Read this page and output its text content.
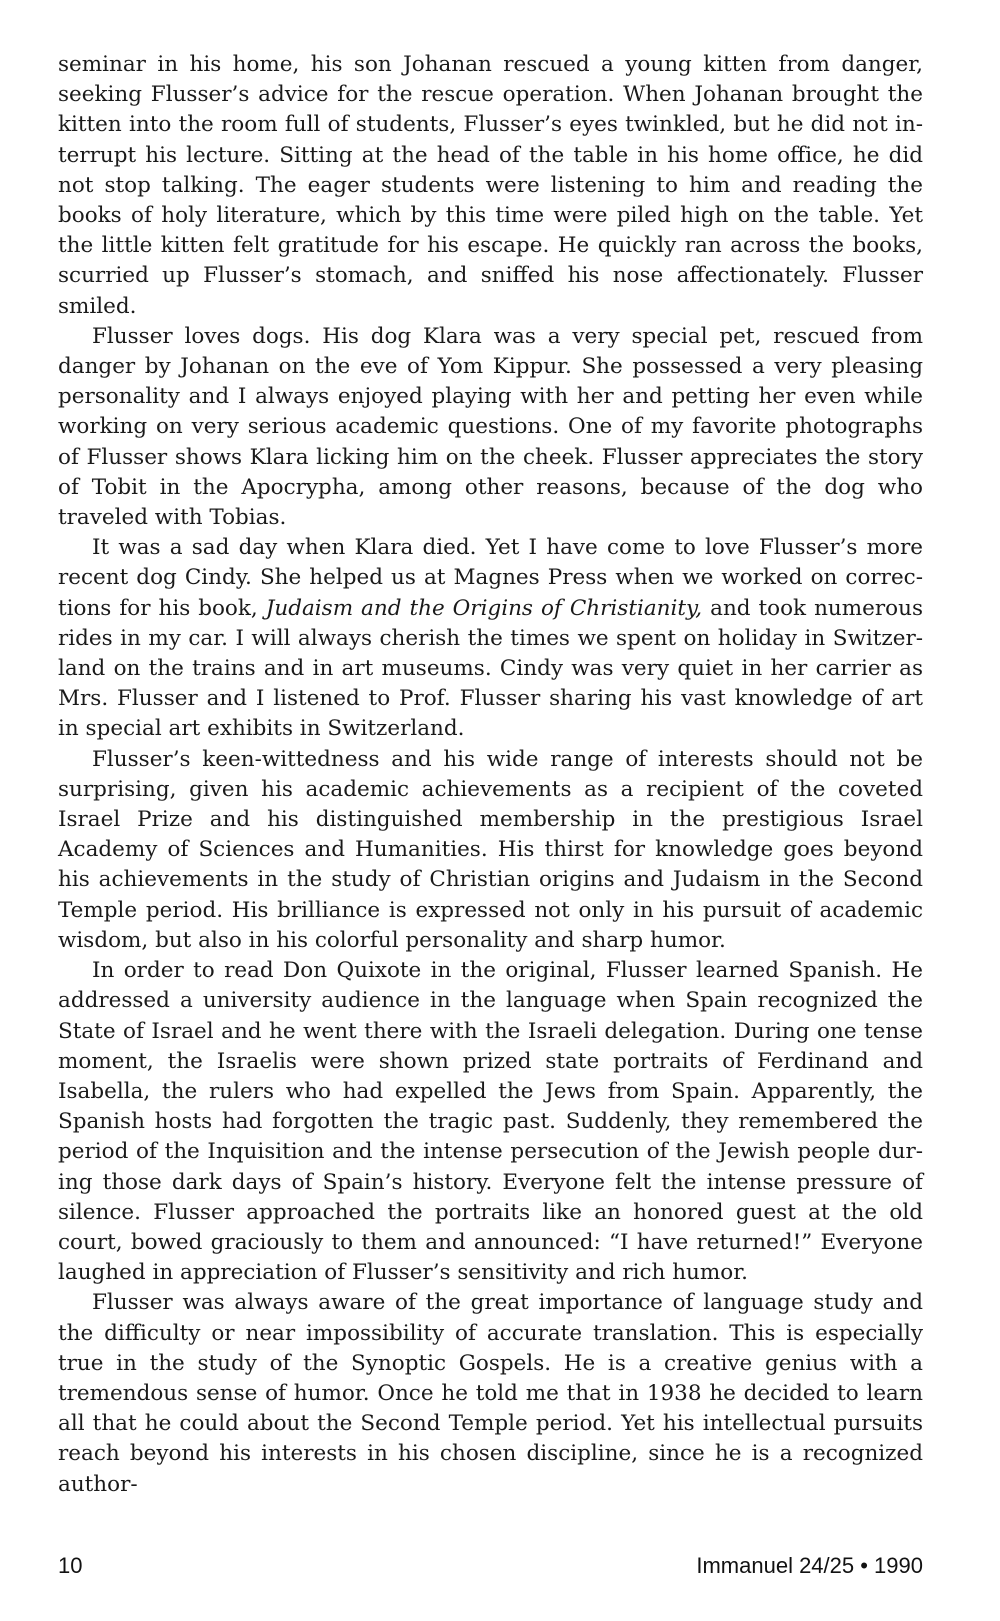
seminar in his home, his son Johanan rescued a young kitten from danger, seeking Flusser’s advice for the rescue operation. When Johanan brought the kitten into the room full of students, Flusser’s eyes twinkled, but he did not interrupt his lecture. Sitting at the head of the table in his home office, he did not stop talking. The eager students were listening to him and reading the books of holy literature, which by this time were piled high on the table. Yet the little kitten felt gratitude for his escape. He quickly ran across the books, scurried up Flusser’s stomach, and sniffed his nose affectionately. Flusser smiled.

Flusser loves dogs. His dog Klara was a very special pet, rescued from danger by Johanan on the eve of Yom Kippur. She possessed a very pleasing personality and I always enjoyed playing with her and petting her even while working on very serious academic questions. One of my favorite photographs of Flusser shows Klara licking him on the cheek. Flusser appreciates the story of Tobit in the Apocrypha, among other reasons, because of the dog who traveled with Tobias.

It was a sad day when Klara died. Yet I have come to love Flusser’s more recent dog Cindy. She helped us at Magnes Press when we worked on corrections for his book, Judaism and the Origins of Christianity, and took numerous rides in my car. I will always cherish the times we spent on holiday in Switzerland on the trains and in art museums. Cindy was very quiet in her carrier as Mrs. Flusser and I listened to Prof. Flusser sharing his vast knowledge of art in special art exhibits in Switzerland.

Flusser’s keen-wittedness and his wide range of interests should not be surprising, given his academic achievements as a recipient of the coveted Israel Prize and his distinguished membership in the prestigious Israel Academy of Sciences and Humanities. His thirst for knowledge goes beyond his achievements in the study of Christian origins and Judaism in the Second Temple period. His brilliance is expressed not only in his pursuit of academic wisdom, but also in his colorful personality and sharp humor.

In order to read Don Quixote in the original, Flusser learned Spanish. He addressed a university audience in the language when Spain recognized the State of Israel and he went there with the Israeli delegation. During one tense moment, the Israelis were shown prized state portraits of Ferdinand and Isabella, the rulers who had expelled the Jews from Spain. Apparently, the Spanish hosts had forgotten the tragic past. Suddenly, they remembered the period of the Inquisition and the intense persecution of the Jewish people during those dark days of Spain’s history. Everyone felt the intense pressure of silence. Flusser approached the portraits like an honored guest at the old court, bowed graciously to them and announced: “I have returned!” Everyone laughed in appreciation of Flusser’s sensitivity and rich humor.

Flusser was always aware of the great importance of language study and the difficulty or near impossibility of accurate translation. This is especially true in the study of the Synoptic Gospels. He is a creative genius with a tremendous sense of humor. Once he told me that in 1938 he decided to learn all that he could about the Second Temple period. Yet his intellectual pursuits reach beyond his interests in his chosen discipline, since he is a recognized author-

10	Immanuel 24/25 • 1990
